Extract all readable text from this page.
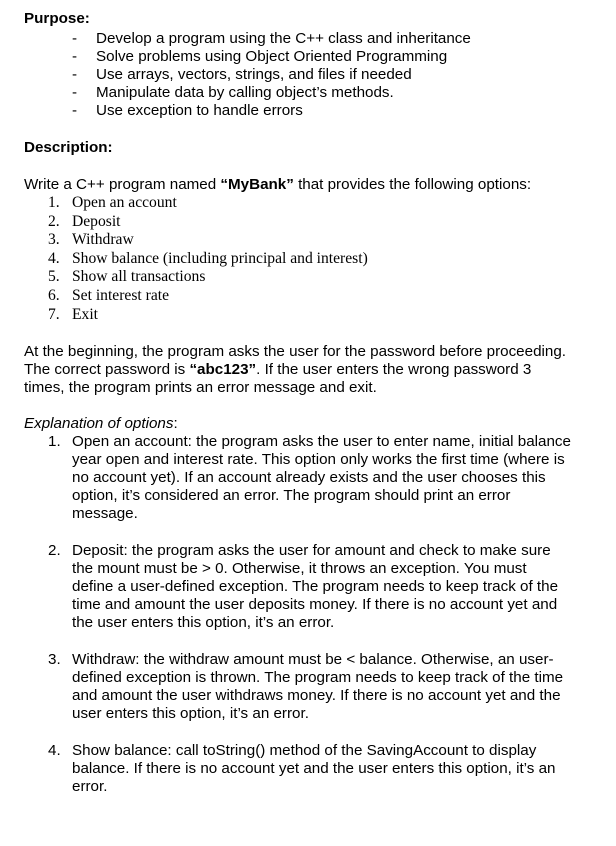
Purpose:
- Develop a program using the C++ class and inheritance
- Solve problems using Object Oriented Programming
- Use arrays, vectors, strings, and files if needed
- Manipulate data by calling object’s methods.
- Use exception to handle errors
Description:
Write a C++ program named “MyBank” that provides the following options:
1. Open an account
2. Deposit
3. Withdraw
4. Show balance (including principal and interest)
5. Show all transactions
6. Set interest rate
7. Exit
At the beginning, the program asks the user for the password before proceeding.
The correct password is “abc123”. If the user enters the wrong password 3
times, the program prints an error message and exit.
Explanation of options:
1. Open an account: the program asks the user to enter name, initial balance
year open and interest rate. This option only works the first time (where is
no account yet). If an account already exists and the user chooses this
option, it’s considered an error. The program should print an error
message.
2. Deposit: the program asks the user for amount and check to make sure
the mount must be > 0. Otherwise, it throws an exception. You must
define a user-defined exception. The program needs to keep track of the
time and amount the user deposits money. If there is no account yet and
the user enters this option, it’s an error.
3. Withdraw: the withdraw amount must be < balance. Otherwise, an user-
defined exception is thrown. The program needs to keep track of the time
and amount the user withdraws money. If there is no account yet and the
user enters this option, it’s an error.
4. Show balance: call toString() method of the SavingAccount to display
balance. If there is no account yet and the user enters this option, it’s an
error.
